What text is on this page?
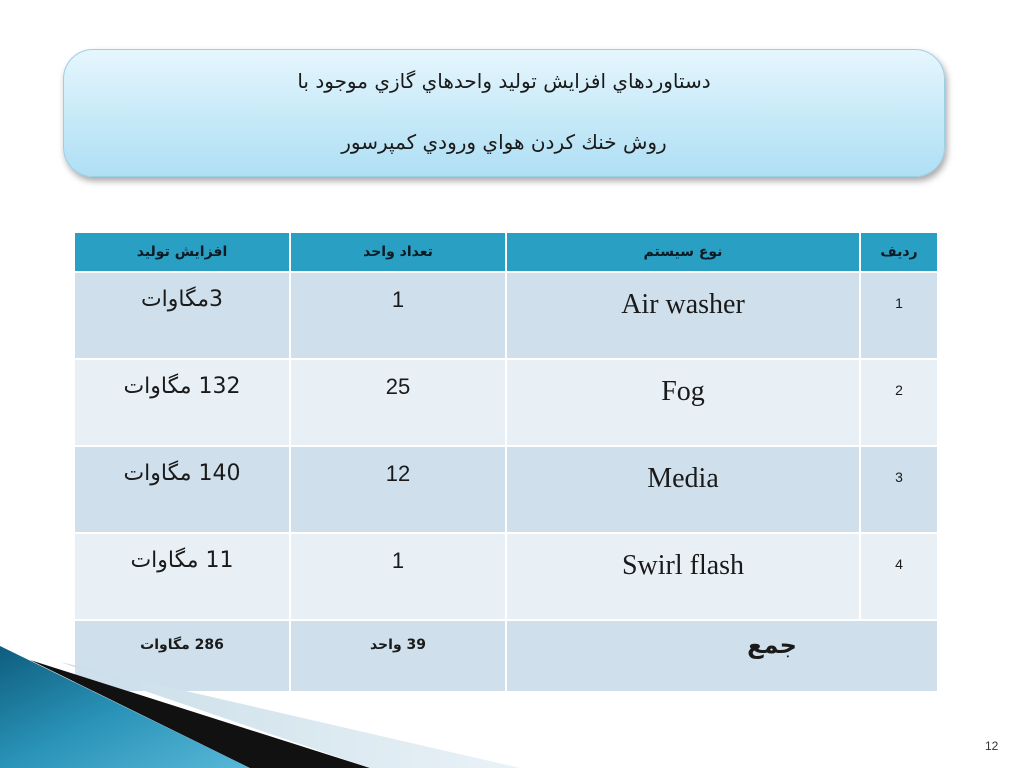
دستاوردهاي افزايش توليد واحدهاي گازي موجود با
روش خنك كردن هواي ورودي كمپرسور
افزايش توليد	تعداد واحد	نوع سيستم	رديف
3مگاوات	1	Air washer	1
132 مگاوات	25	Fog	2
140 مگاوات	12	Media	3
11 مگاوات	1	Swirl flash	4
286 مگاوات	39 واحد	جمع	
12
